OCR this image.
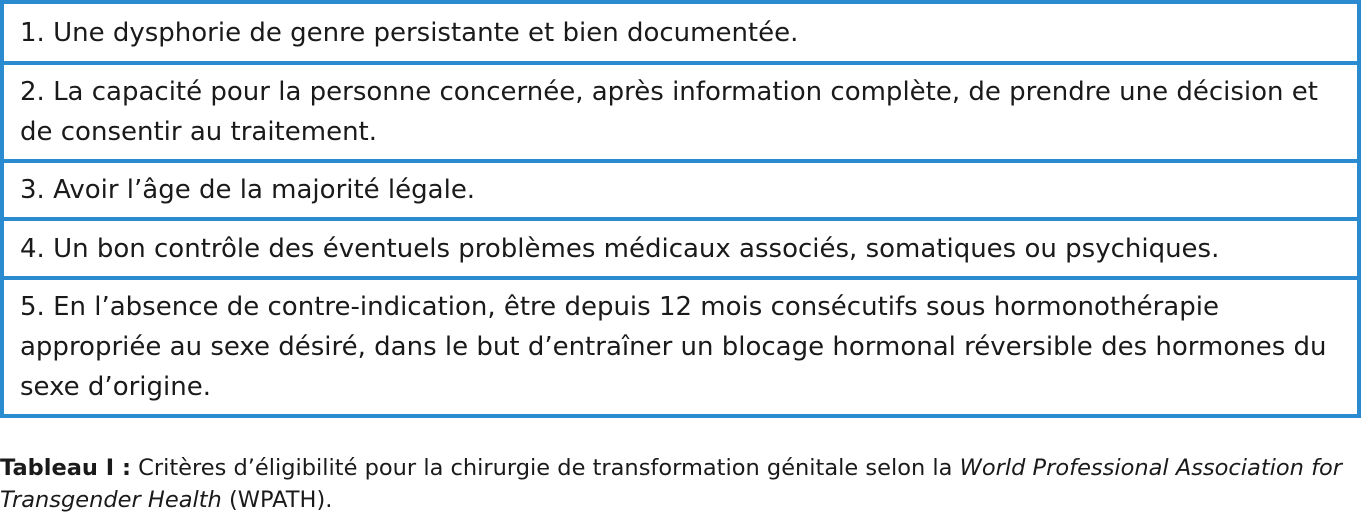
1. Une dysphorie de genre persistante et bien documentée.
2. La capacité pour la personne concernée, après information complète, de prendre une décision et de consentir au traitement.
3. Avoir l’âge de la majorité légale.
4. Un bon contrôle des éventuels problèmes médicaux associés, somatiques ou psychiques.
5. En l’absence de contre-indication, être depuis 12 mois consécutifs sous hormonothérapie appropriée au sexe désiré, dans le but d’entraîner un blocage hormonal réversible des hormones du sexe d’origine.
Tableau I : Critères d’éligibilité pour la chirurgie de transformation génitale selon la World Professional Association for Transgender Health (WPATH).
